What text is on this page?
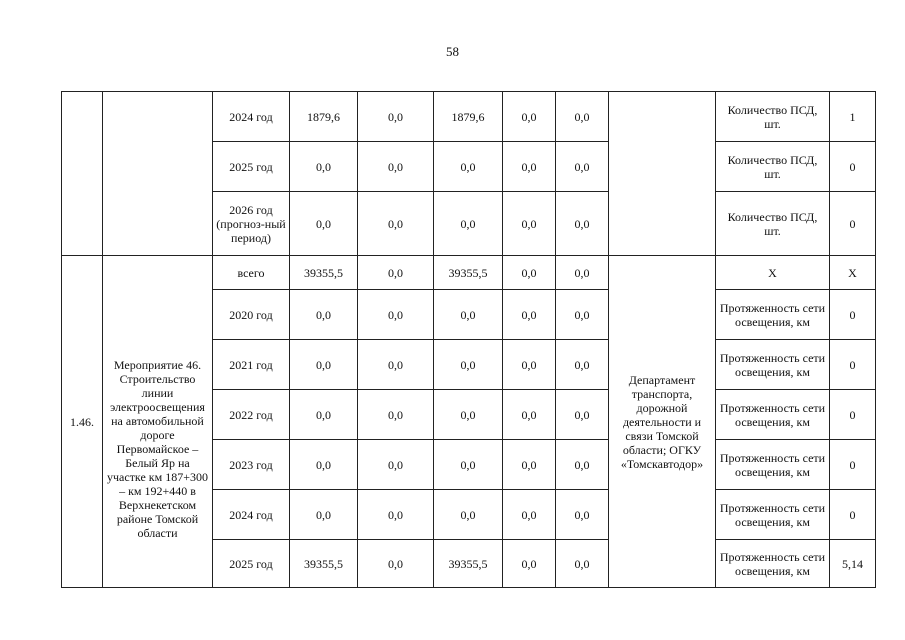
58
		2024 год	1879,6	0,0	1879,6	0,0	0,0		Количество ПСД, шт.	1
		2025 год	0,0	0,0	0,0	0,0	0,0		Количество ПСД, шт.	0
		2026 год (прогноз-ный период)	0,0	0,0	0,0	0,0	0,0		Количество ПСД, шт.	0
1.46.	Мероприятие 46. Строительство линии электроосвещения на автомобильной дороге Первомайское – Белый Яр на участке км 187+300 – км 192+440 в Верхнекетском районе Томской области	всего	39355,5	0,0	39355,5	0,0	0,0	Департамент транспорта, дорожной деятельности и связи Томской области; ОГКУ «Томскавтодор»	Х	Х
		2020 год	0,0	0,0	0,0	0,0	0,0		Протяженность сети освещения, км	0
		2021 год	0,0	0,0	0,0	0,0	0,0		Протяженность сети освещения, км	0
		2022 год	0,0	0,0	0,0	0,0	0,0		Протяженность сети освещения, км	0
		2023 год	0,0	0,0	0,0	0,0	0,0		Протяженность сети освещения, км	0
		2024 год	0,0	0,0	0,0	0,0	0,0		Протяженность сети освещения, км	0
		2025 год	39355,5	0,0	39355,5	0,0	0,0		Протяженность сети освещения, км	5,14
